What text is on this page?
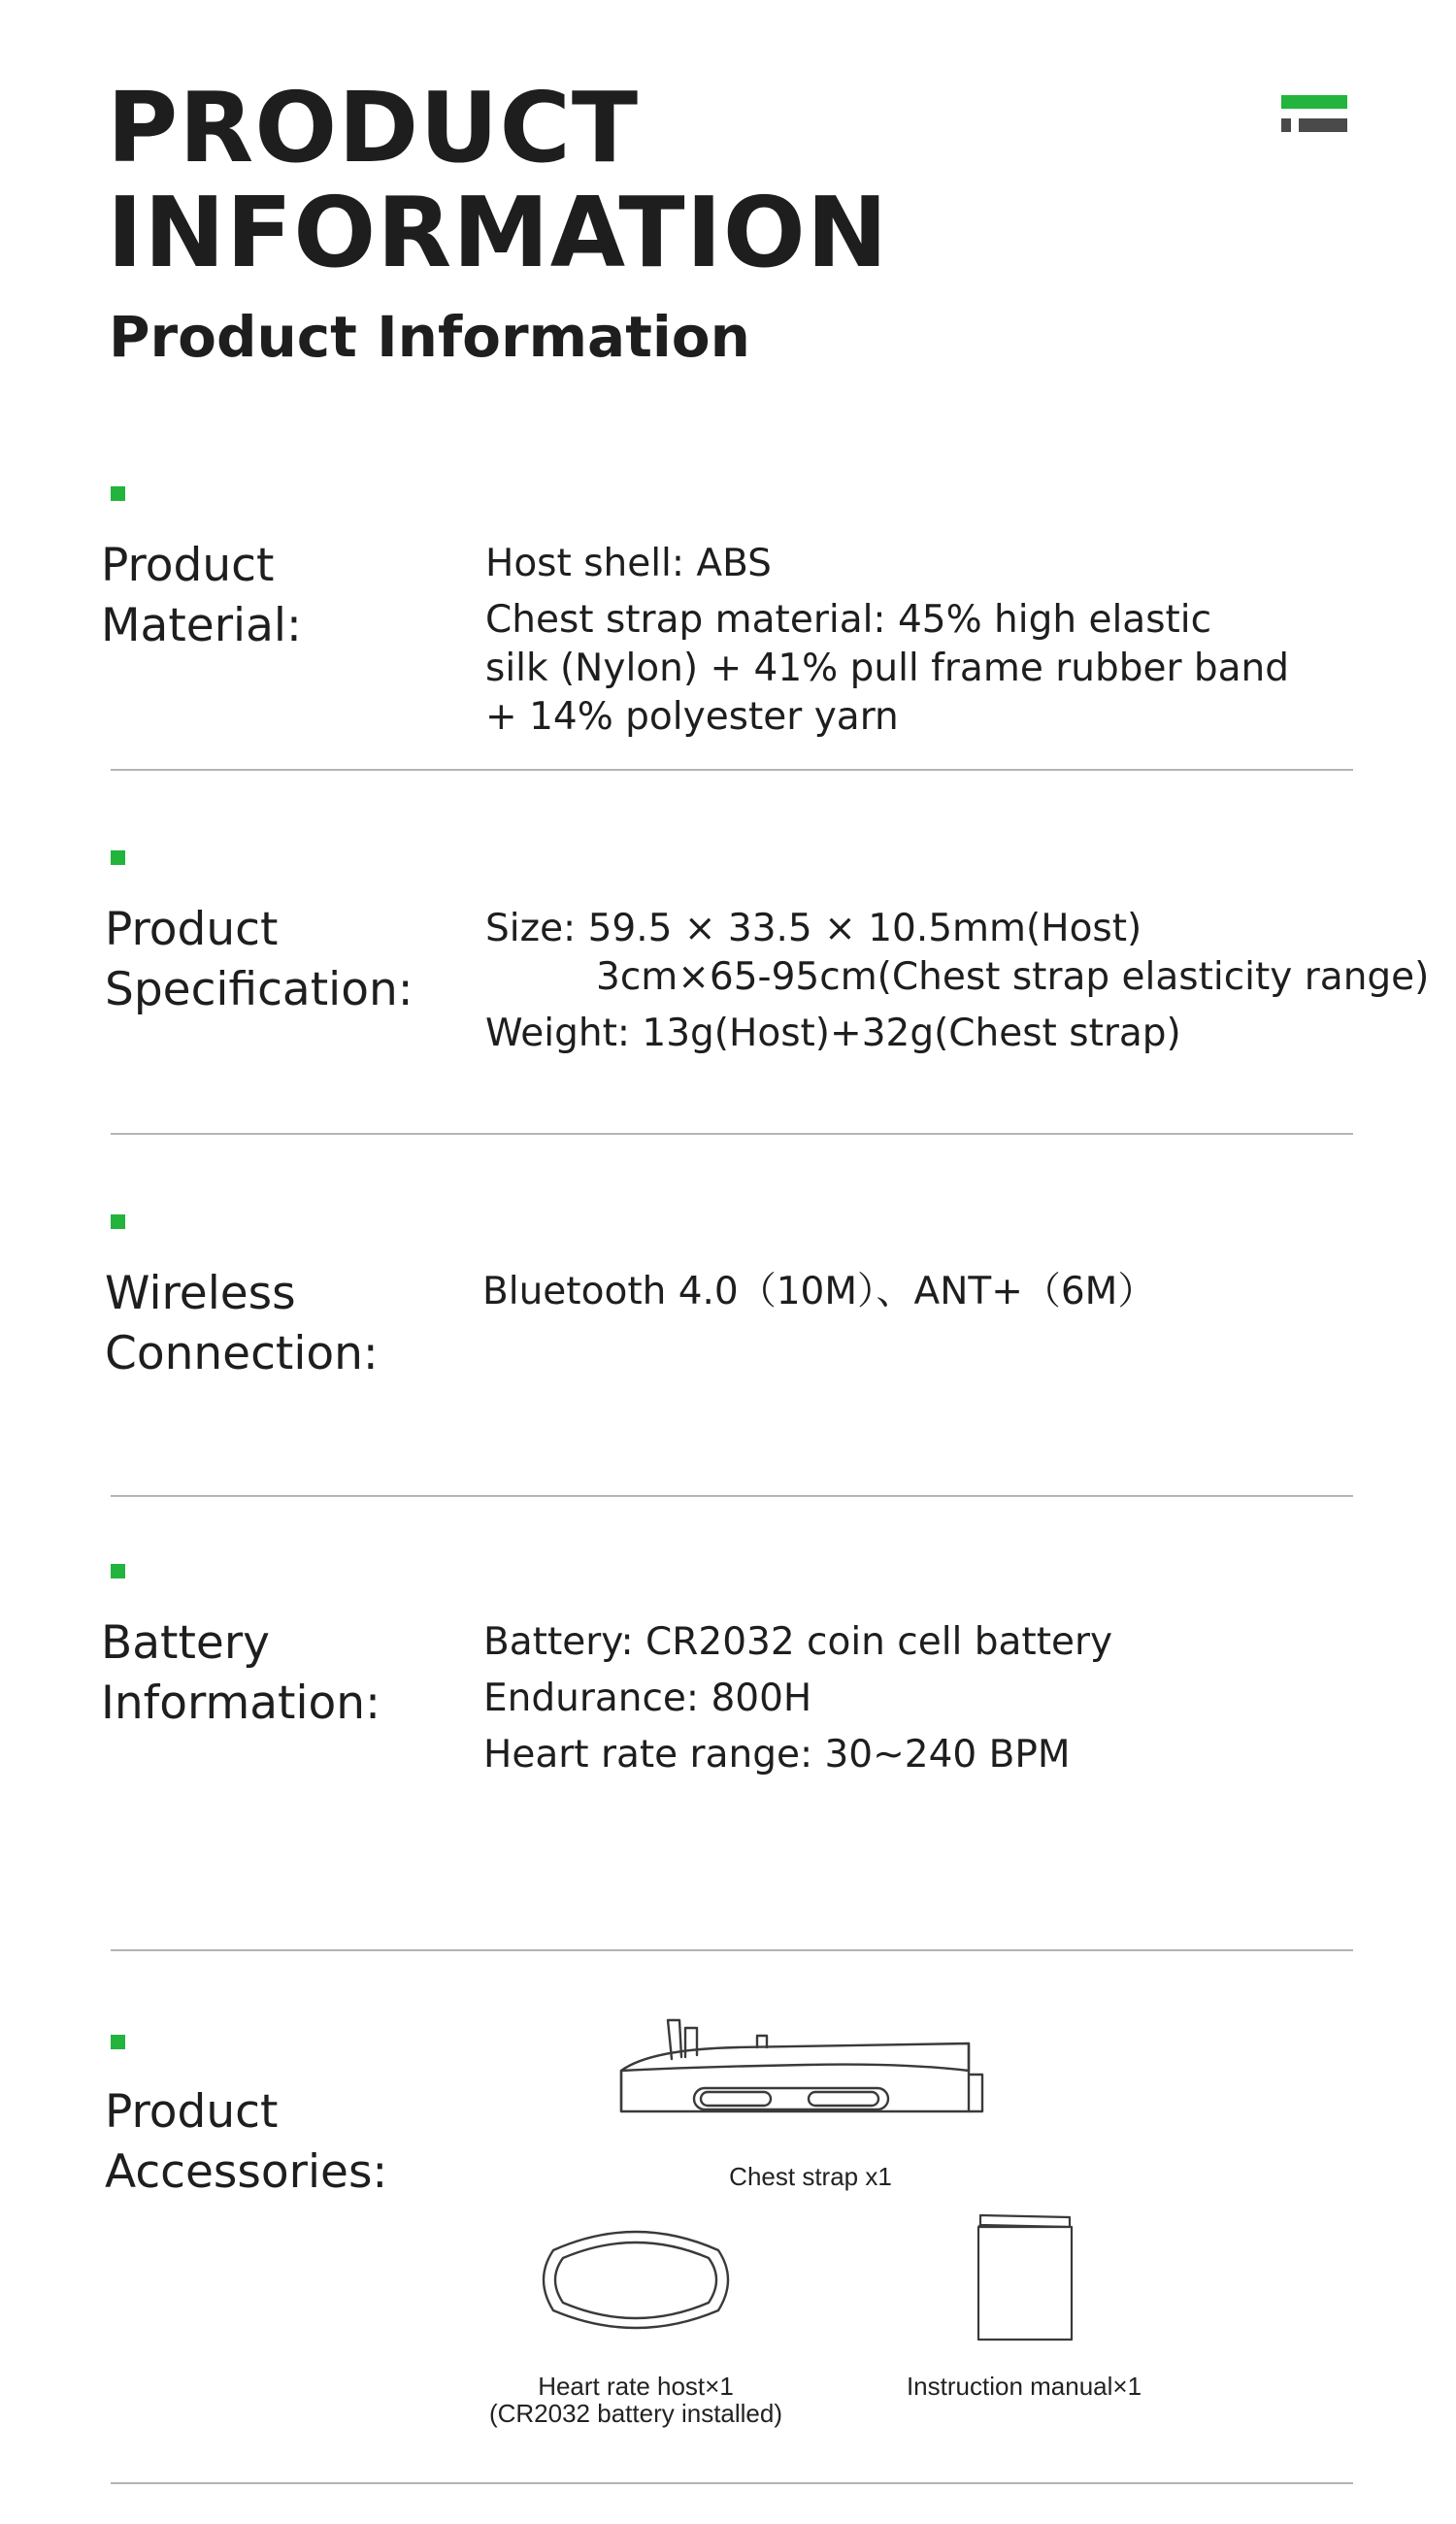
PRODUCT
INFORMATION
Product Information
Product
Material:
Host shell: ABS
Chest strap material: 45% high elastic
silk (Nylon) + 41% pull frame rubber band
+ 14% polyester yarn
Product
Specification:
Size: 59.5 × 33.5 × 10.5mm(Host)
3cm×65-95cm(Chest strap elasticity range)
Weight: 13g(Host)+32g(Chest strap)
Wireless
Connection:
Bluetooth 4.0（10M）、ANT+（6M）
Battery
Information:
Battery: CR2032 coin cell battery
Endurance: 800H
Heart rate range: 30~240 BPM
Product
Accessories:	Chest strap x1
Heart rate host×1
(CR2032 battery installed)
Instruction manual×1
